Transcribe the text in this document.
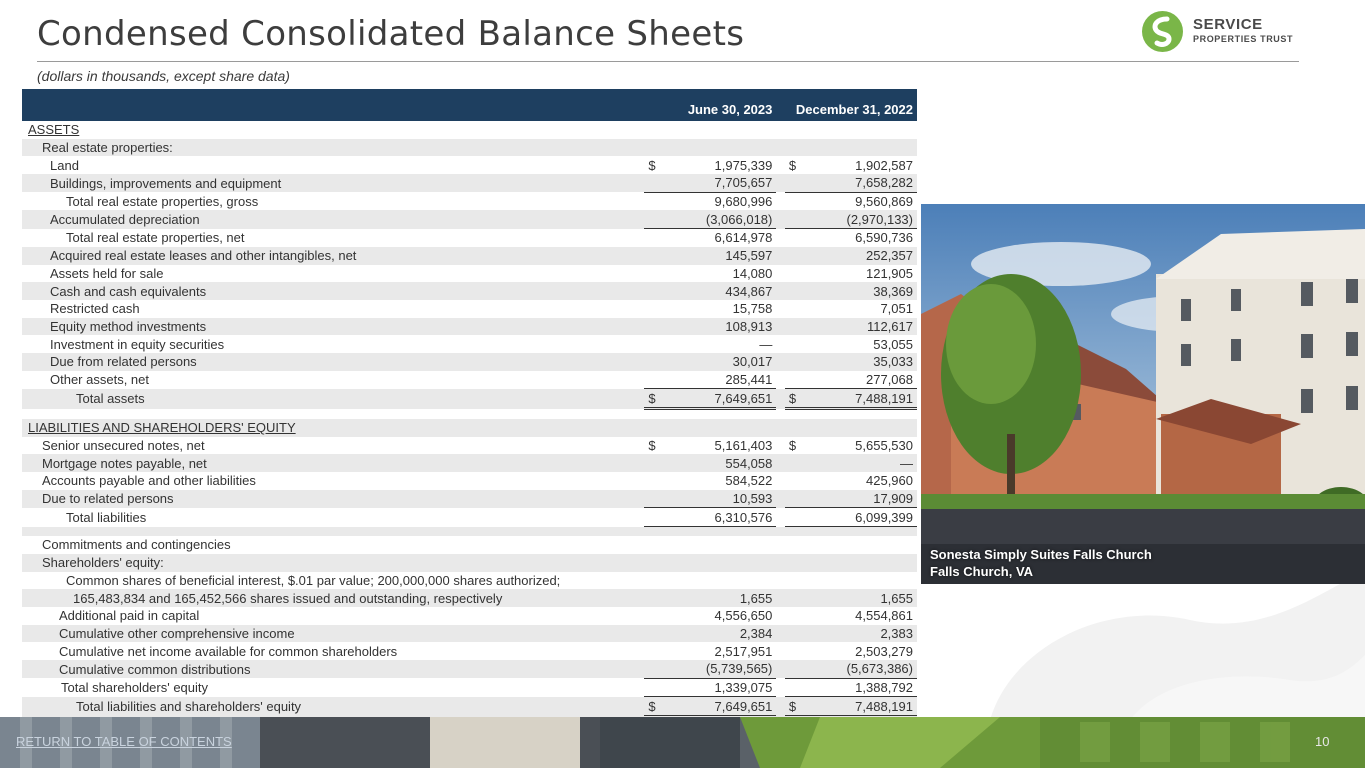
Condensed Consolidated Balance Sheets
(dollars in thousands, except share data)
SERVICE
PROPERTIES TRUST
	June 30, 2023			December 31, 2022	
ASSETS					
Real estate properties:					
Land	$	1,975,339		$	1,902,587
Buildings, improvements and equipment		7,705,657			7,658,282
Total real estate properties, gross		9,680,996			9,560,869
Accumulated depreciation		(3,066,018)			(2,970,133)
Total real estate properties, net		6,614,978			6,590,736
Acquired real estate leases and other intangibles, net		145,597			252,357
Assets held for sale		14,080			121,905
Cash and cash equivalents		434,867			38,369
Restricted cash		15,758			7,051
Equity method investments		108,913			112,617
Investment in equity securities		—			53,055
Due from related persons		30,017			35,033
Other assets, net		285,441			277,068
Total assets	$	7,649,651		$	7,488,191

LIABILITIES AND SHAREHOLDERS' EQUITY					
Senior unsecured notes, net	$	5,161,403		$	5,655,530
Mortgage notes payable, net		554,058			—
Accounts payable and other liabilities		584,522			425,960
Due to related persons		10,593			17,909
Total liabilities		6,310,576			6,099,399

Commitments and contingencies					
Shareholders' equity:					
Common shares of beneficial interest, $.01 par value; 200,000,000 shares authorized;					
165,483,834 and 165,452,566 shares issued and outstanding, respectively		1,655			1,655
Additional paid in capital		4,556,650			4,554,861
Cumulative other comprehensive income		2,384			2,383
Cumulative net income available for common shareholders		2,517,951			2,503,279
Cumulative common distributions		(5,739,565)			(5,673,386)
Total shareholders' equity		1,339,075			1,388,792
Total liabilities and shareholders' equity	$	7,649,651		$	7,488,191
Sonesta Simply Suites Falls Church
Falls Church, VA
RETURN TO TABLE OF CONTENTS	10
